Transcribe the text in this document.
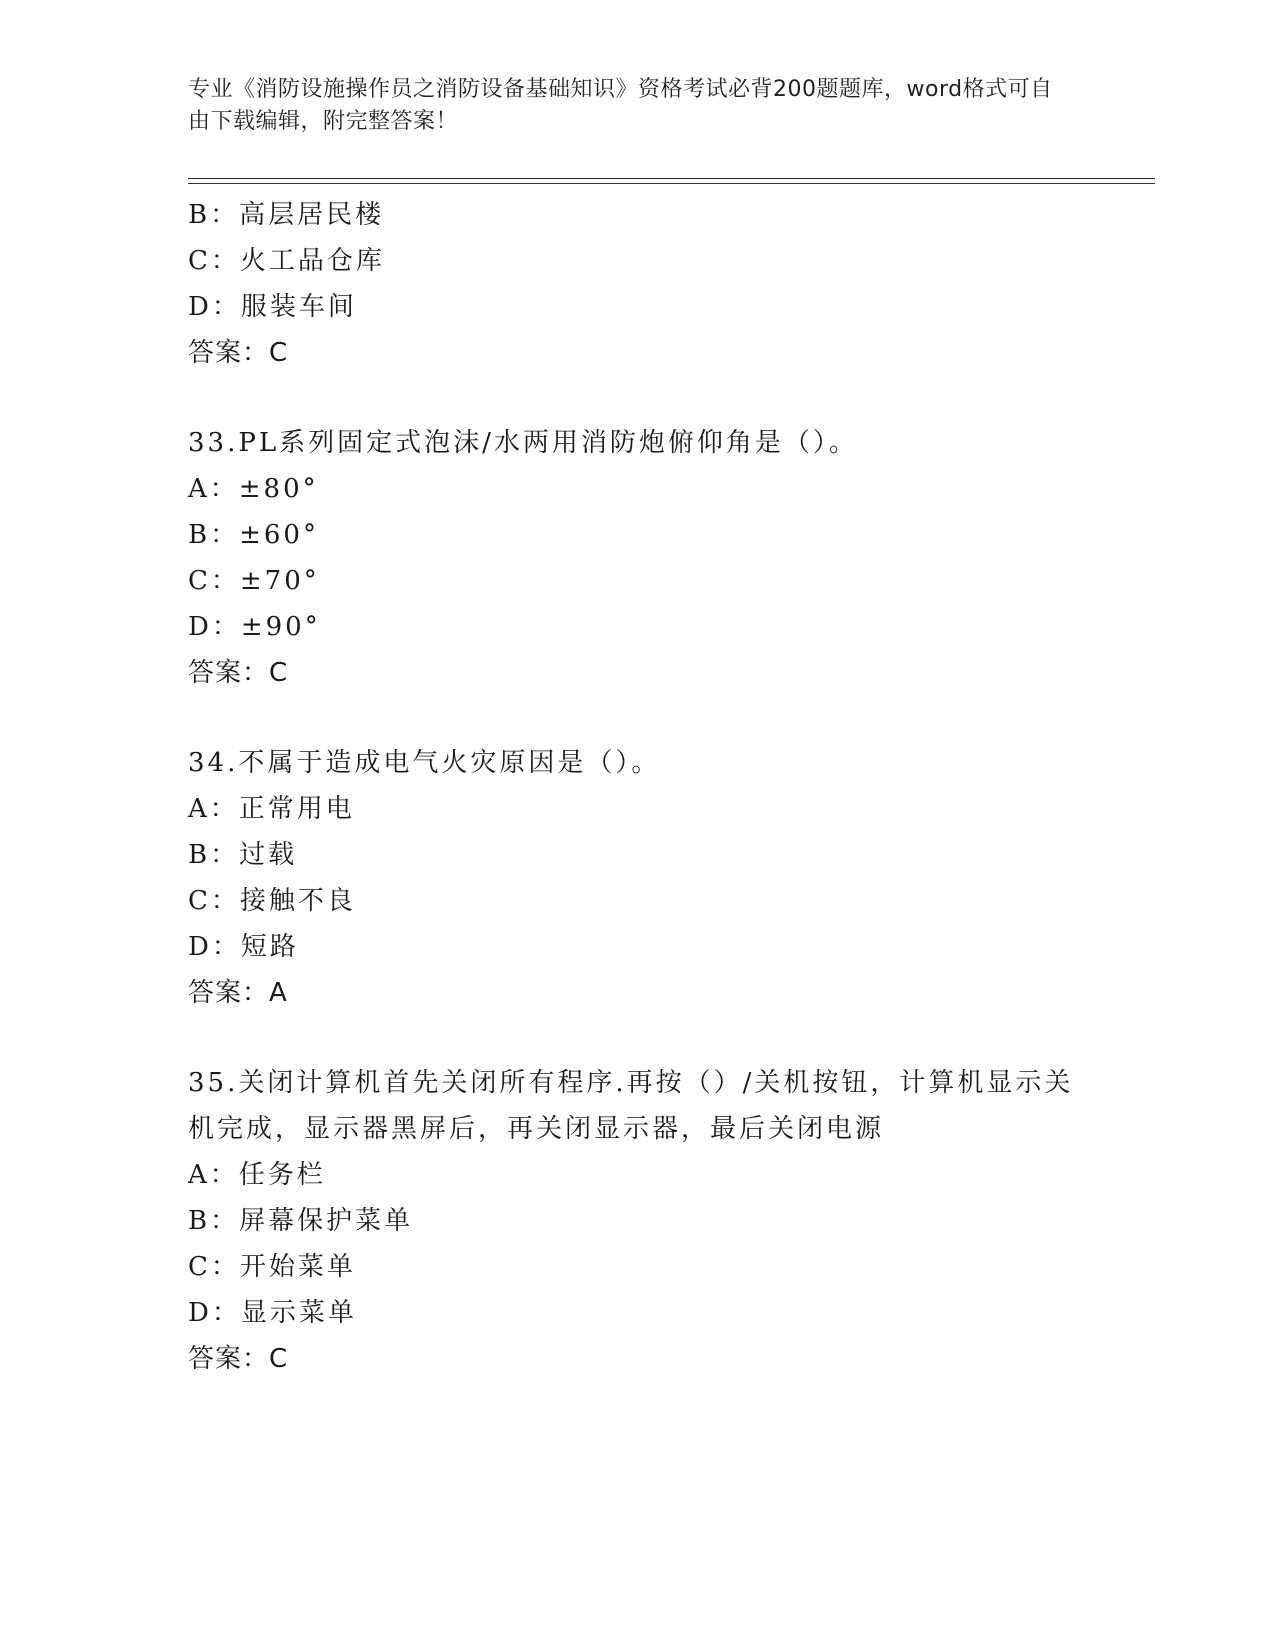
专业《消防设施操作员之消防设备基础知识》资格考试必背200题题库，word格式可自由下载编辑，附完整答案！
B：高层居民楼
C：火工品仓库
D：服装车间
答案：C
33.PL系列固定式泡沫/水两用消防炮俯仰角是（）。
A：±80°
B：±60°
C：±70°
D：±90°
答案：C
34.不属于造成电气火灾原因是（）。
A：正常用电
B：过载
C：接触不良
D：短路
答案：A
35.关闭计算机首先关闭所有程序.再按（）/关机按钮，计算机显示关机完成，显示器黑屏后，再关闭显示器，最后关闭电源
A：任务栏
B：屏幕保护菜单
C：开始菜单
D：显示菜单
答案：C
